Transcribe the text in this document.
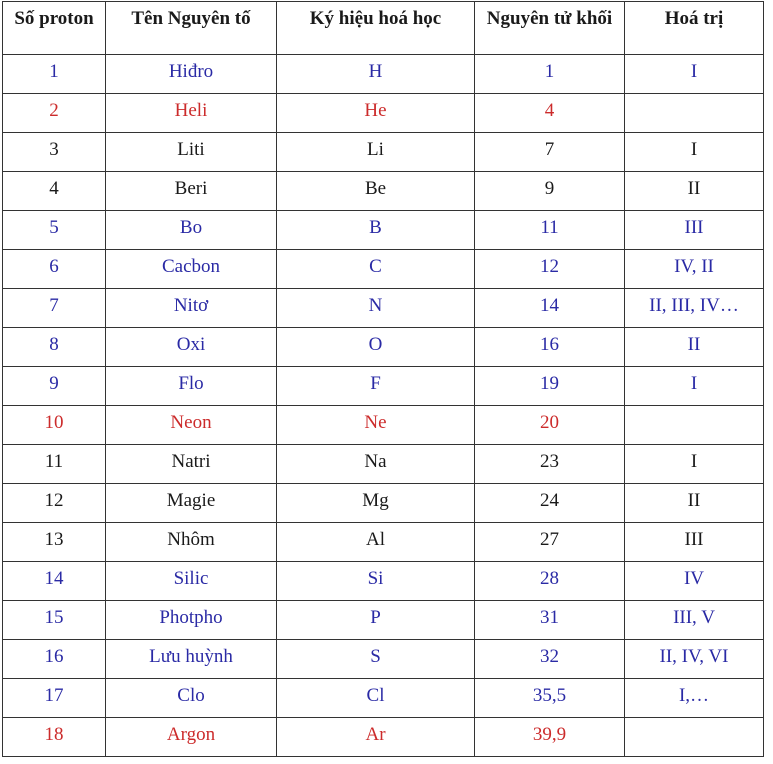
Số proton	Tên Nguyên tố	Ký hiệu hoá học	Nguyên tử khối	Hoá trị
1	Hiđro	H	1	I
2	Heli	He	4	
3	Liti	Li	7	I
4	Beri	Be	9	II
5	Bo	B	11	III
6	Cacbon	C	12	IV, II
7	Nitơ	N	14	II, III, IV…
8	Oxi	O	16	II
9	Flo	F	19	I
10	Neon	Ne	20	
11	Natri	Na	23	I
12	Magie	Mg	24	II
13	Nhôm	Al	27	III
14	Silic	Si	28	IV
15	Photpho	P	31	III, V
16	Lưu huỳnh	S	32	II, IV, VI
17	Clo	Cl	35,5	I,…
18	Argon	Ar	39,9	
